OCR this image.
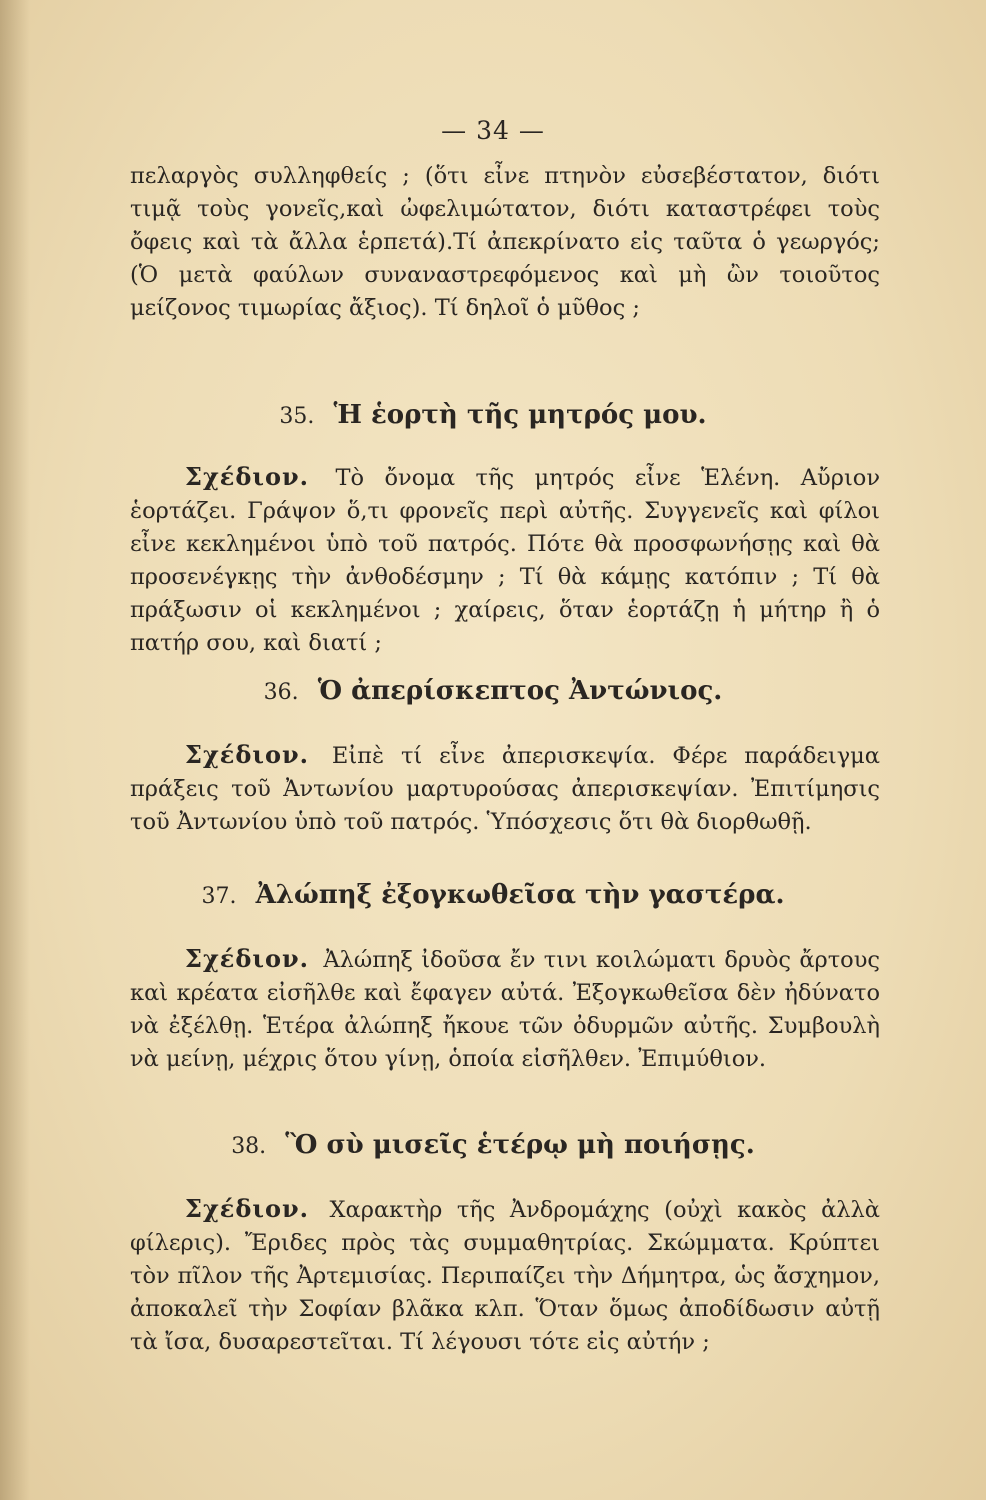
— 34 —

πελαργὸς συλληφθείς ; (ὅτι εἶνε πτηνὸν εὐσεβέστατον, διότι τιμᾷ τοὺς γονεῖς,καὶ ὠφελιμώτατον, διότι καταστρέφει τοὺς ὄφεις καὶ τὰ ἄλλα ἑρπετά).Τί ἀπεκρίνατο εἰς ταῦτα ὁ γεωργός; (Ὁ μετὰ φαύλων συναναστρεφόμενος καὶ μὴ ὢν τοιοῦτος μείζονος τιμωρίας ἄξιος). Τί δηλοῖ ὁ μῦθος ;

35. Ἡ ἑορτὴ τῆς μητρός μου.

Σχέδιον. Τὸ ὄνομα τῆς μητρός εἶνε Ἑλένη. Αὔριον ἑορτάζει. Γράψον ὅ,τι φρονεῖς περὶ αὐτῆς. Συγγενεῖς καὶ φίλοι εἶνε κεκλημένοι ὑπὸ τοῦ πατρός. Πότε θὰ προσφωνήσῃς καὶ θὰ προσενέγκῃς τὴν ἀνθοδέσμην ; Τί θὰ κάμῃς κατόπιν ; Τί θὰ πράξωσιν οἱ κεκλημένοι ; χαίρεις, ὅταν ἑορτάζῃ ἡ μήτηρ ἢ ὁ πατήρ σου, καὶ διατί ;

36. Ὁ ἀπερίσκεπτος Ἀντώνιος.

Σχέδιον. Εἰπὲ τί εἶνε ἀπερισκεψία. Φέρε παράδειγμα πράξεις τοῦ Ἀντωνίου μαρτυρούσας ἀπερισκεψίαν. Ἐπιτίμησις τοῦ Ἀντωνίου ὑπὸ τοῦ πατρός. Ὑπόσχεσις ὅτι θὰ διορθωθῇ.

37. Ἀλώπηξ ἐξογκωθεῖσα τὴν γαστέρα.

Σχέδιον. Ἀλώπηξ ἰδοῦσα ἔν τινι κοιλώματι δρυὸς ἄρτους καὶ κρέατα εἰσῆλθε καὶ ἔφαγεν αὐτά. Ἐξογκωθεῖσα δὲν ἠδύνατο νὰ ἐξέλθῃ. Ἑτέρα ἀλώπηξ ἤκουε τῶν ὀδυρμῶν αὐτῆς. Συμβουλὴ νὰ μείνῃ, μέχρις ὅτου γίνῃ, ὁποία εἰσῆλθεν. Ἐπιμύθιον.

38. Ὃ σὺ μισεῖς ἑτέρῳ μὴ ποιήσῃς.

Σχέδιον. Χαρακτὴρ τῆς Ἀνδρομάχης (οὐχὶ κακὸς ἀλλὰ φίλερις). Ἔριδες πρὸς τὰς συμμαθητρίας. Σκώμματα. Κρύπτει τὸν πῖλον τῆς Ἀρτεμισίας. Περιπαίζει τὴν Δήμητρα, ὡς ἄσχημον, ἀποκαλεῖ τὴν Σοφίαν βλᾶκα κλπ. Ὅταν ὅμως ἀποδίδωσιν αὐτῇ τὰ ἴσα, δυσαρεστεῖται. Τί λέγουσι τότε εἰς αὐτήν ;
